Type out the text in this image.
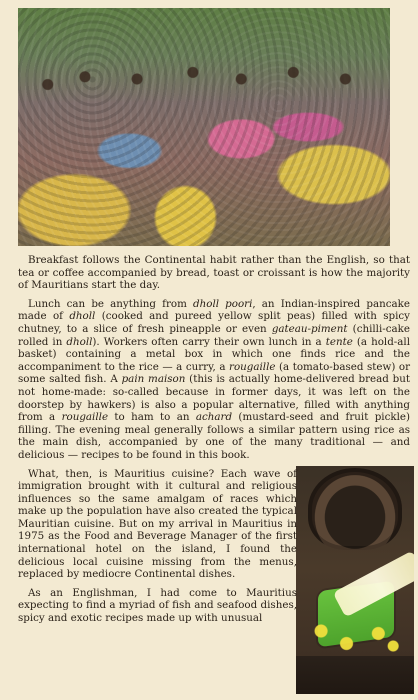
Breakfast follows the Continental habit rather than the English, so that tea or coffee accompanied by bread, toast or croissant is how the majority of Mauritians start the day.

Lunch can be anything from dholl poori, an Indian-inspired pancake made of dholl (cooked and pureed yellow split peas) filled with spicy chutney, to a slice of fresh pineapple or even gateau-piment (chilli-cake rolled in dholl). Workers often carry their own lunch in a tente (a hold-all basket) containing a metal box in which one finds rice and the accompaniment to the rice — a curry, a rougaille (a tomato-based stew) or some salted fish. A pain maison (this is actually home-delivered bread but not home-made: so-called because in former days, it was left on the doorstep by hawkers) is also a popular alternative, filled with anything from a rougaille to ham to an achard (mustard-seed and fruit pickle) filling. The evening meal generally follows a similar pattern using rice as the main dish, accompanied by one of the many traditional — and delicious — recipes to be found in this book.

What, then, is Mauritius cuisine? Each wave of immigration brought with it cultural and religious influences so the same amalgam of races which make up the population have also created the typical Mauritian cuisine. But on my arrival in Mauritius in 1975 as the Food and Beverage Manager of the first international hotel on the island, I found the delicious local cuisine missing from the menus, replaced by mediocre Continental dishes.

As an Englishman, I had come to Mauritius expecting to find a myriad of fish and seafood dishes, spicy and exotic recipes made up with unusual
